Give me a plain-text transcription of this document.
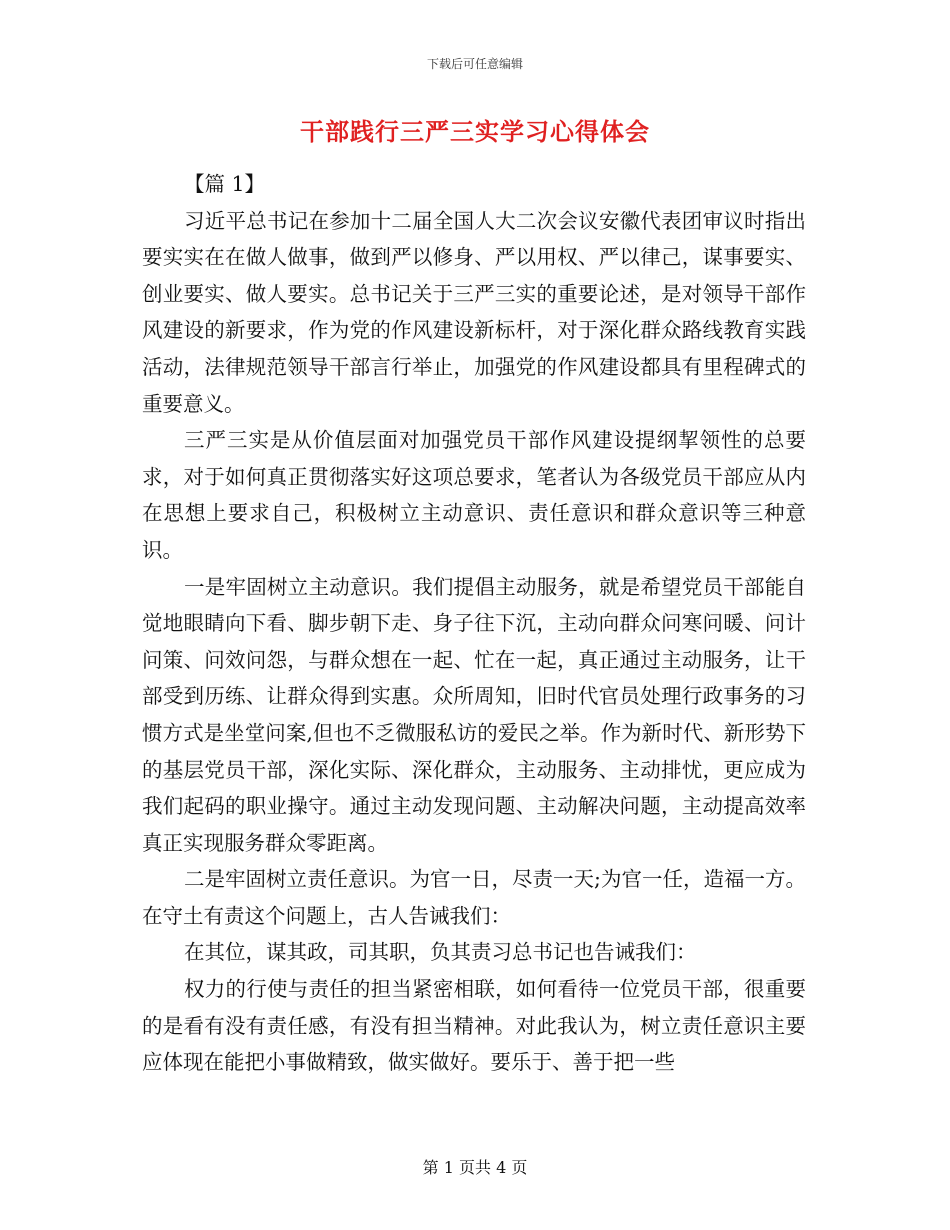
下载后可任意编辑
干部践行三严三实学习心得体会

【篇 1】

习近平总书记在参加十二届全国人大二次会议安徽代表团审议时指出要实实在在做人做事，做到严以修身、严以用权、严以律己，谋事要实、创业要实、做人要实。总书记关于三严三实的重要论述，是对领导干部作风建设的新要求，作为党的作风建设新标杆，对于深化群众路线教育实践活动，法律规范领导干部言行举止，加强党的作风建设都具有里程碑式的重要意义。

三严三实是从价值层面对加强党员干部作风建设提纲挈领性的总要求，对于如何真正贯彻落实好这项总要求，笔者认为各级党员干部应从内在思想上要求自己，积极树立主动意识、责任意识和群众意识等三种意识。

一是牢固树立主动意识。我们提倡主动服务，就是希望党员干部能自觉地眼睛向下看、脚步朝下走、身子往下沉，主动向群众问寒问暖、问计问策、问效问怨，与群众想在一起、忙在一起，真正通过主动服务，让干部受到历练、让群众得到实惠。众所周知，旧时代官员处理行政事务的习惯方式是坐堂问案,但也不乏微服私访的爱民之举。作为新时代、新形势下的基层党员干部，深化实际、深化群众，主动服务、主动排忧，更应成为我们起码的职业操守。通过主动发现问题、主动解决问题，主动提高效率真正实现服务群众零距离。

二是牢固树立责任意识。为官一日，尽责一天;为官一任，造福一方。在守土有责这个问题上，古人告诫我们：

在其位，谋其政，司其职，负其责习总书记也告诫我们：

权力的行使与责任的担当紧密相联，如何看待一位党员干部，很重要的是看有没有责任感，有没有担当精神。对此我认为，树立责任意识主要应体现在能把小事做精致，做实做好。要乐于、善于把一些

第 1 页共 4 页
